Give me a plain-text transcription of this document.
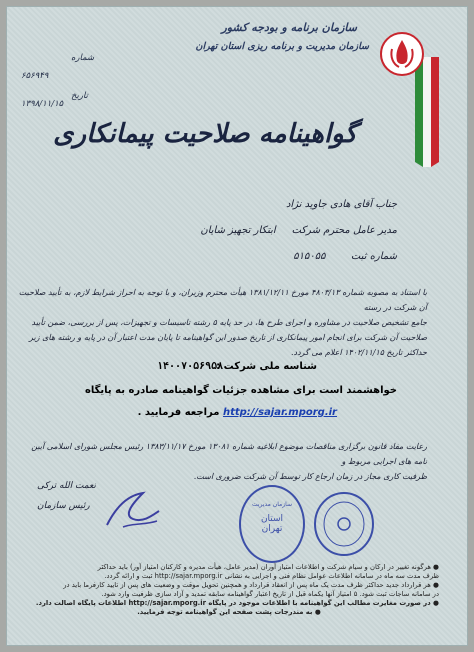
سازمان برنامه و بودجه کشور
سازمان مدیریت و برنامه ریزی استان تهران
شماره
۶۵۶۹۴۹
تاریخ
۱۳۹۸/۱۱/۱۵
گواهینامه صلاحیت پیمانکاری
جناب آقای هادی جاوید نژاد
مدیر عامل محترم شرکت     ابتکار تجهیز شایان
شماره ثبت        ۵۱۵۰۵۵
با استناد به مصوبه شماره ۴۸۰۳/۱۳ مورخ ۱۳۸۱/۱۲/۱۱ هیأت محترم وزیران، و با توجه به احراز شرایط لازم، به تأیید صلاحیت آن شرکت در رسته
جامع تشخیص صلاحیت در مشاوره و اجرای طرح ها، در حد پایه ۵ رشته تاسیسات و تجهیزات، پس از بررسی، ضمن تأیید صلاحیت آن شرکت برای انجام امور پیمانکاری از تاریخ صدور این گواهینامه تا پایان مدت اعتبار آن در پایه و رشته های زیر
حداکثر تاریخ ۱۴۰۲/۱۱/۱۵ اعلام می گردد.
شناسه ملی شرکت :
۱۴۰۰۷۰۵۶۹۵۸
خواهشمند است برای مشاهده جزئیات گواهینامه صادره به پایگاه
http://sajar.mporg.ir مراجعه فرمایید .
رعایت مفاد قانون برگزاری مناقصات موضوع ابلاغیه شماره ۱۳۰۸۱ مورخ ۱۳۸۳/۱۱/۱۷ رئیس مجلس شورای اسلامی آیین نامه های اجرایی مربوط و
ظرفیت کاری مجاز در زمان ارجاع کار توسط آن شرکت ضروری است.
نعمت الله ترکی
رئیس سازمان	سازمان مدیریت
استان
تهران
● هرگونه تغییر در ارکان و سیام شرکت و اطلاعات امتیاز آوران (مدیر عامل، هیأت مدیره و کارکنان امتیاز آور) باید حداکثر
ظرف مدت سه ماه در سامانه اطلاعات عوامل نظام فنی و اجرایی به نشانی http://sajar.mporg.ir ثبت و ارائه گردد.
● هر قرارداد جدید حداکثر ظرف مدت یک ماه پس از انعقاد قرارداد و همچنین تحویل موقت و وضعیت های پس از تایید کارفرما باید در
در سامانه ساجات ثبت شود. ۵ امتیاز آنها یکماه قبل از تاریخ اعتبار گواهینامه سابقه تمدید و آزاد سازی ظرفیت وارد شود.
● در صورت مغایرت مطالب این گواهینامه با اطلاعات موجود در پایگاه http://sajar.mporg.ir اطلاعات پایگاه اصالت دارد.
● به مندرجات پشت صفحه این گواهینامه توجه فرمایید.
